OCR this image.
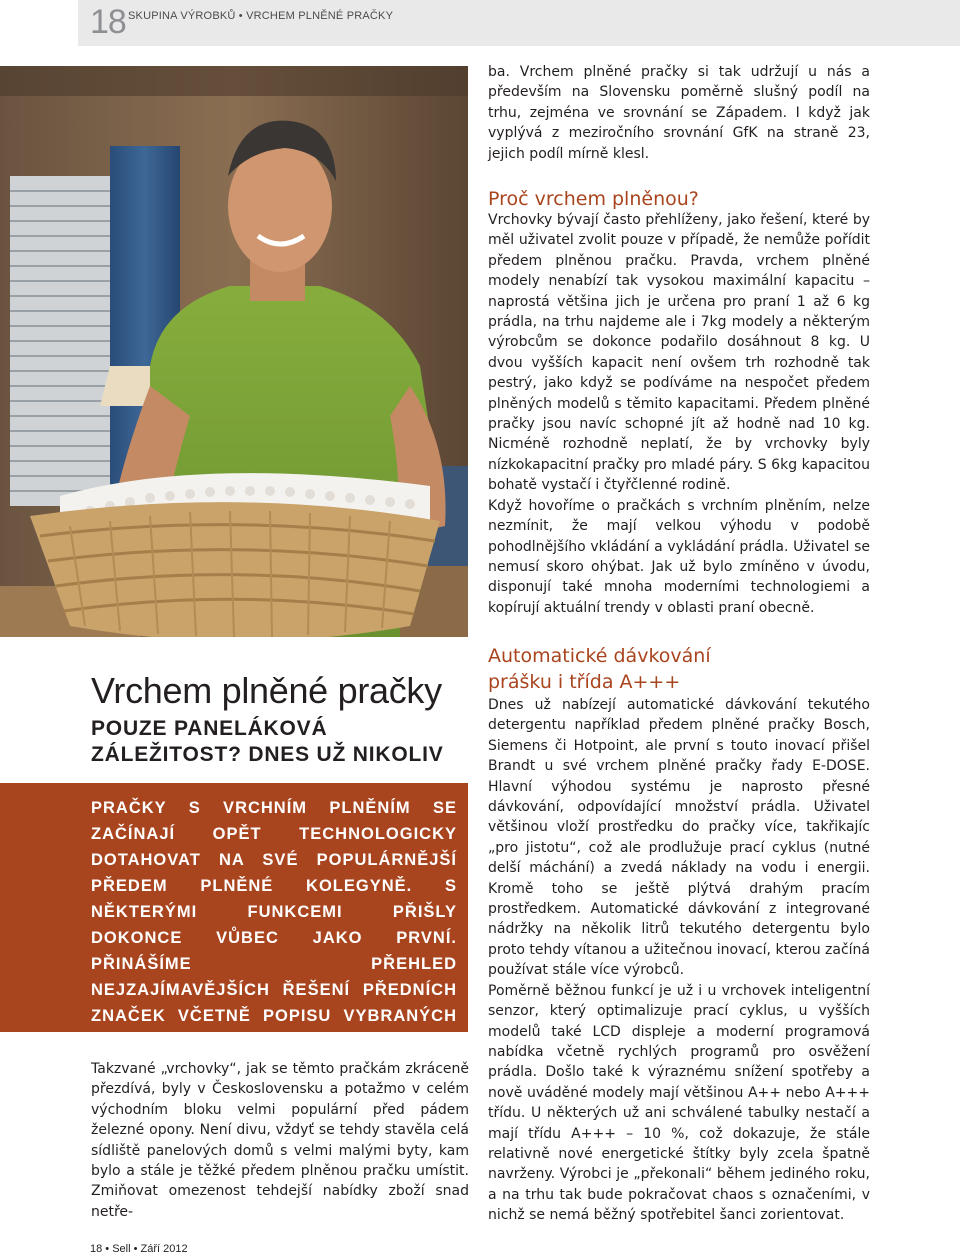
18 SKUPINA VÝROBKŮ • VRCHEM PLNĚNÉ PRAČKY
Vrchem plněné pračky
POUZE PANELÁKOVÁ ZÁLEŽITOST? DNES UŽ NIKOLIV
PRAČKY S VRCHNÍM PLNĚNÍM SE ZAČÍNAJÍ OPĚT TECHNOLOGICKY DOTAHOVAT NA SVÉ POPULÁRNĚJŠÍ PŘEDEM PLNĚNÉ KOLEGYNĚ. S NĚKTERÝMI FUNKCEMI PŘIŠLY DOKONCE VŮBEC JAKO PRVNÍ. PŘINÁŠÍME PŘEHLED NEJZAJÍMAVĚJŠÍCH ŘEŠENÍ PŘEDNÍCH ZNAČEK VČETNĚ POPISU VYBRANÝCH TECHNOLOGIÍ.
Takzvané „vrchovky“, jak se těmto pračkám zkráceně přezdívá, byly v Československu a potažmo v celém východním bloku velmi populární před pádem železné opony. Není divu, vždyť se tehdy stavěla celá sídliště panelových domů s velmi malými byty, kam bylo a stále je těžké předem plněnou pračku umístit. Zmiňovat omezenost tehdejší nabídky zboží snad netře-
18 • Sell • Září 2012

ba. Vrchem plněné pračky si tak udržují u nás a především na Slovensku poměrně slušný podíl na trhu, zejména ve srovnání se Západem. I když jak vyplývá z meziročního srovnání GfK na straně 23, jejich podíl mírně klesl.

Proč vrchem plněnou?

Vrchovky bývají často přehlíženy, jako řešení, které by měl uživatel zvolit pouze v případě, že nemůže pořídit předem plněnou pračku. Pravda, vrchem plněné modely nenabízí tak vysokou maximální kapacitu – naprostá většina jich je určena pro praní 1 až 6 kg prádla, na trhu najdeme ale i 7kg modely a některým výrobcům se dokonce podařilo dosáhnout 8 kg. U dvou vyšších kapacit není ovšem trh rozhodně tak pestrý, jako když se podíváme na nespočet předem plněných modelů s těmito kapacitami. Předem plněné pračky jsou navíc schopné jít až hodně nad 10 kg. Nicméně rozhodně neplatí, že by vrchovky byly nízkokapacitní pračky pro mladé páry. S 6kg kapacitou bohatě vystačí i čtyřčlenné rodině.

Když hovoříme o pračkách s vrchním plněním, nelze nezmínit, že mají velkou výhodu v podobě pohodlnějšího vkládání a vykládání prádla. Uživatel se nemusí skoro ohýbat. Jak už bylo zmíněno v úvodu, disponují také mnoha moderními technologiemi a kopírují aktuální trendy v oblasti praní obecně.

Automatické dávkování
prášku i třída A+++

Dnes už nabízejí automatické dávkování tekutého detergentu například předem plněné pračky Bosch, Siemens či Hotpoint, ale první s touto inovací přišel Brandt u své vrchem plněné pračky řady E-DOSE. Hlavní výhodou systému je naprosto přesné dávkování, odpovídající množství prádla. Uživatel většinou vloží prostředku do pračky více, takřikajíc „pro jistotu“, což ale prodlužuje prací cyklus (nutné delší máchání) a zvedá náklady na vodu i energii. Kromě toho se ještě plýtvá drahým pracím prostředkem. Automatické dávkování z integrované nádržky na několik litrů tekutého detergentu bylo proto tehdy vítanou a užitečnou inovací, kterou začíná používat stále více výrobců.

Poměrně běžnou funkcí je už i u vrchovek inteligentní senzor, který optimalizuje prací cyklus, u vyšších modelů také LCD displeje a moderní programová nabídka včetně rychlých programů pro osvěžení prádla. Došlo také k výraznému snížení spotřeby a nově uváděné modely mají většinou A++ nebo A+++ třídu. U některých už ani schválené tabulky nestačí a mají třídu A+++ – 10 %, což dokazuje, že stále relativně nové energetické štítky byly zcela špatně navrženy. Výrobci je „překonali“ během jediného roku, a na trhu tak bude pokračovat chaos s označeními, v nichž se nemá běžný spotřebitel šanci zorientovat.
